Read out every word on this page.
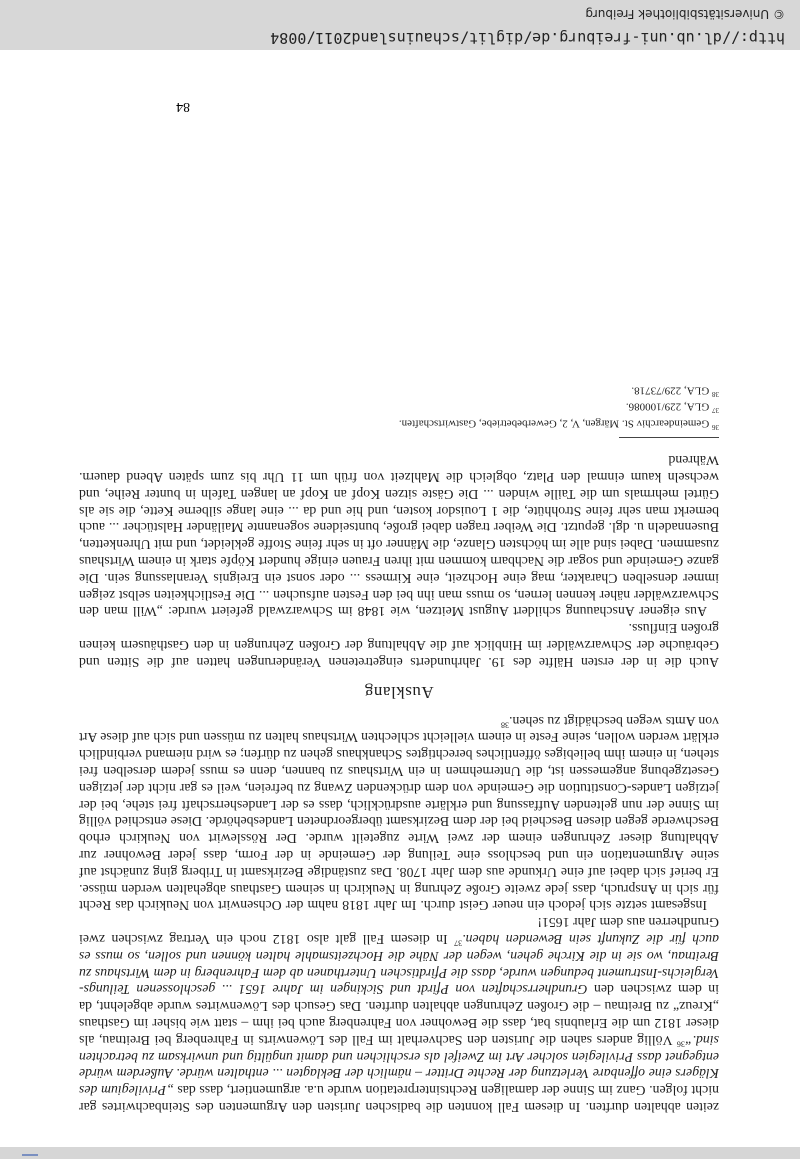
zeiten abhalten durften. In diesem Fall konnten die badischen Juristen den Argumenten des Steinbachwirtes gar nicht folgen. Ganz im Sinne der damaligen Rechtsinterpretation wurde u.a. argumentiert, dass das „Privilegium des Klägers eine offenbare Verletzung der Rechte Dritter – nämlich der Beklagten ... enthalten würde. Außerdem würde entgegnet dass Privilegien solcher Art im Zweifel als erschlichen und damit ungültig und unwirksam zu betrachten sind.“$^{36}$ Völlig anders sahen die Juristen den Sachverhalt im Fall des Löwenwirts in Fahrenberg bei Breitnau, als dieser 1812 um die Erlaubnis bat, dass die Bewohner von Fahrenberg auch bei ihm – statt wie bisher im Gasthaus „Kreuz“ zu Breitnau – die Großen Zehrungen abhalten durften. Das Gesuch des Löwenwirtes wurde abgelehnt, da in dem zwischen den Grundherrschaften von Pfirdt und Sickingen im Jahre 1651 ... geschlossenen Teilungs-Vergleichs-Instrument bedungen wurde, dass die Pfirdtischen Unterthanen ab dem Fahrenberg in dem Wirtshaus zu Breitnau, wo sie in die Kirche gehen, wegen der Nähe die Hochzeitsmahle halten können und sollen, so muss es auch für die Zukunft sein Bewenden haben.$^{37}$ In diesem Fall galt also 1812 noch ein Vertrag zwischen zwei Grundherren aus dem Jahr 1651!

Insgesamt setzte sich jedoch ein neuer Geist durch. Im Jahr 1818 nahm der Ochsenwirt von Neukirch das Recht für sich in Anspruch, dass jede zweite Große Zehrung in Neukirch in seinem Gasthaus abgehalten werden müsse. Er berief sich dabei auf eine Urkunde aus dem Jahr 1708. Das zuständige Bezirksamt in Triberg ging zunächst auf seine Argumentation ein und beschloss eine Teilung der Gemeinde in der Form, dass jeder Bewohner zur Abhaltung dieser Zehrungen einem der zwei Wirte zugeteilt wurde. Der Rösslewirt von Neukirch erhob Beschwerde gegen diesen Bescheid bei der dem Bezirksamt übergeordneten Landesbehörde. Diese entschied völlig im Sinne der nun geltenden Auffassung und erklärte ausdrücklich, dass es der Landesherrschaft frei stehe, bei der jetzigen Landes-Constitution die Gemeinde von dem drückenden Zwang zu befreien, weil es gar nicht der jetzigen Gesetzgebung angemessen ist, die Unternehmen in ein Wirtshaus zu bannen, denn es muss jedem derselben frei stehen, in einem ihm beliebiges öffentliches berechtigtes Schankhaus gehen zu dürfen; es wird niemand verbindlich erklärt werden wollen, seine Feste in einem vielleicht schlechten Wirtshaus halten zu müssen und sich auf diese Art von Amts wegen beschädigt zu sehen.$^{38}$

Ausklang

Auch die in der ersten Hälfte des 19. Jahrhunderts eingetretenen Veränderungen hatten auf die Sitten und Gebräuche der Schwarzwälder im Hinblick auf die Abhaltung der Großen Zehrungen in den Gasthäusern keinen großen Einfluss.

Aus eigener Anschauung schildert August Meitzen, wie 1848 im Schwarzwald gefeiert wurde: „Will man den Schwarzwälder näher kennen lernen, so muss man ihn bei den Festen aufsuchen ... Die Festlichkeiten selbst zeigen immer denselben Charakter, mag eine Hochzeit, eine Kirmess ... oder sonst ein Ereignis Veranlassung sein. Die ganze Gemeinde und sogar die Nachbarn kommen mit ihren Frauen einige hundert Köpfe stark in einem Wirtshaus zusammen. Dabei sind alle im höchsten Glanze, die Männer oft in sehr feine Stoffe gekleidet, und mit Uhrenketten, Busennadeln u. dgl. geputzt. Die Weiber tragen dabei große, buntseidene sogenannte Mailänder Halstücher ... auch bemerkt man sehr feine Strohhüte, die 1 Louisdor kosten, und hie und da ... eine lange silberne Kette, die sie als Gürtel mehrmals um die Taille winden ... Die Gäste sitzen Kopf an Kopf an langen Tafeln in bunter Reihe, und wechseln kaum einmal den Platz, obgleich die Mahlzeit von früh um 11 Uhr bis zum späten Abend dauern. Während

$^{36}$ Gemeindearchiv St. Märgen, V, 2, Gewerbebetriebe, Gastwirtschaften.

$^{37}$ GLA, 229/100086.

$^{38}$ GLA, 229/73718.

84
http://dl.ub.uni-freiburg.de/diglit/schauinsland2011/0084
© Universitätsbibliothek Freiburg
